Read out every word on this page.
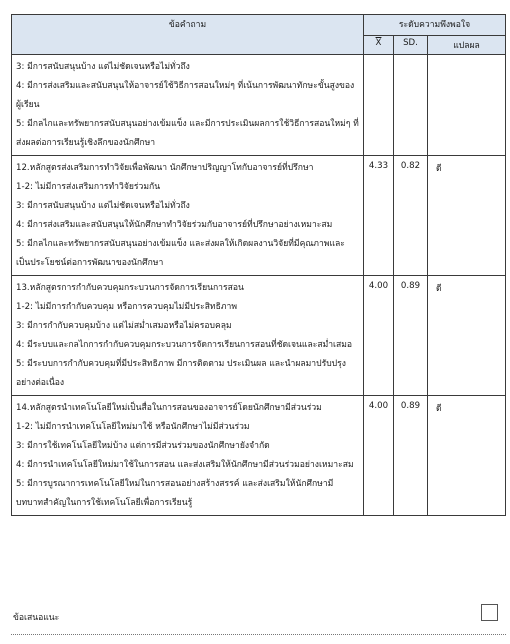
ข้อคำถาม	ระดับความพึงพอใจ		
	$\overline{X}$	SD.	แปลผล

3: มีการสนับสนุนบ้าง แต่ไม่ชัดเจนหรือไม่ทั่วถึง
4: มีการส่งเสริมและสนับสนุนให้อาจารย์ใช้วิธีการสอนใหม่ๆ ที่เน้นการพัฒนาทักษะขั้นสูงของผู้เรียน
5: มีกลไกและทรัพยากรสนับสนุนอย่างเข้มแข็ง และมีการประเมินผลการใช้วิธีการสอนใหม่ๆ ที่ส่งผลต่อการเรียนรู้เชิงลึกของนักศึกษา			

12.หลักสูตรส่งเสริมการทำวิจัยเพื่อพัฒนา นักศึกษาปริญญาโทกับอาจารย์ที่ปรึกษา
1-2: ไม่มีการส่งเสริมการทำวิจัยร่วมกัน
3: มีการสนับสนุนบ้าง แต่ไม่ชัดเจนหรือไม่ทั่วถึง
4: มีการส่งเสริมและสนับสนุนให้นักศึกษาทำวิจัยร่วมกับอาจารย์ที่ปรึกษาอย่างเหมาะสม
5: มีกลไกและทรัพยากรสนับสนุนอย่างเข้มแข็ง และส่งผลให้เกิดผลงานวิจัยที่มีคุณภาพและเป็นประโยชน์ต่อการพัฒนาของนักศึกษา	4.33	0.82	ดี

13.หลักสูตรการกำกับควบคุมกระบวนการจัดการเรียนการสอน
1-2: ไม่มีการกำกับควบคุม หรือการควบคุมไม่มีประสิทธิภาพ
3: มีการกำกับควบคุมบ้าง แต่ไม่สม่ำเสมอหรือไม่ครอบคลุม
4: มีระบบและกลไกการกำกับควบคุมกระบวนการจัดการเรียนการสอนที่ชัดเจนและสม่ำเสมอ
5: มีระบบการกำกับควบคุมที่มีประสิทธิภาพ มีการติดตาม ประเมินผล และนำผลมาปรับปรุงอย่างต่อเนื่อง	4.00	0.89	ดี

14.หลักสูตรนำเทคโนโลยีใหม่เป็นสื่อในการสอนของอาจารย์โดยนักศึกษามีส่วนร่วม
1-2: ไม่มีการนำเทคโนโลยีใหม่มาใช้ หรือนักศึกษาไม่มีส่วนร่วม
3: มีการใช้เทคโนโลยีใหม่บ้าง แต่การมีส่วนร่วมของนักศึกษายังจำกัด
4: มีการนำเทคโนโลยีใหม่มาใช้ในการสอน และส่งเสริมให้นักศึกษามีส่วนร่วมอย่างเหมาะสม
5: มีการบูรณาการเทคโนโลยีใหม่ในการสอนอย่างสร้างสรรค์ และส่งเสริมให้นักศึกษามีบทบาทสำคัญในการใช้เทคโนโลยีเพื่อการเรียนรู้	4.00	0.89	ดี
ข้อเสนอแนะ
